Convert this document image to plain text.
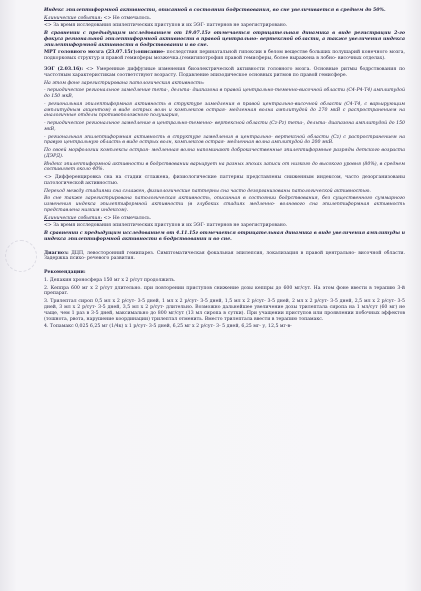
Индекс эпилептиформной активности, описанной в состоянии бодрствования, во сне увеличивается в среднем до 50%.

Клинические события: <> Не отмечалось.

<> За время исследования эпилептических приступов и их ЭЭГ- паттернов не зарегистрировано.

В сравнении с предыдущим исследованием от 19.07.15г отмечается отрицательная динамика в виде регистрации 2-го фокуса региональной эпилептиформной активности в правой центрально- вертексной области, а также увеличения индекса эпилептиформной активности в бодрствовании и во сне.

МРТ головного мозга (23.07.15г):описание- последствия перинатальной гипоксии в белом веществе больших полушарий конечного мозга, подкорковых структур и правой гемисферы мозжечка.(гемигипотрофия правой гемисферы, более выражена в лобно- височных отделах).

ЭЭГ (2.03.16): <> Умеренные диффузные изменения биоэлектрической активности головного мозга. Основные ритмы бодрствования по частотным характеристикам соответствуют возрасту. Подавление эпизодическое основных ритмов по правой гемисфере.

На этом фоне зарегистрирована патологическая активность:

- периодическое региональное замедление тета-, дельта- диапазона в правой центрально-теменно-височной области (С4-Р4-Т4) амплитудой до 150 мкВ,

- региональная эпилептиформная активность в структуре замедления в правой центрально-височной области (С4-Т4, с варьирующим амплитудным акцентом) в виде острых волн и комплексов острая- медленная волна амплитудой до 270 мкВ с распространением на аналогичные отделы противоположного полушария,

- периодическое региональное замедление в центрально-теменно- вертексной области (Cz-Pz) тета-, дельта- диапазона амплитудой до 150 мкВ,

- региональная эпилептиформная активность в структуре замедления в центрально- вертексной области (Cz) с распространением на правую центральную область в виде острых волн, комплексов острая- медленная волна амплитудой до 200 мкВ.

По своей морфологии комплексы острая- медленная волна напоминают доброкачественные эпилептиформные разряды детского возраста (ДЭРД).

Индекс эпилептиформной активности в бодрствовании варьирует на разных эпохах записи от низкого до высокого уровня (80%), в среднем составляет около 40%.

<> Дифференцировка сна на стадии сглажена, физиологические паттерны представлены сниженным индексом, часто дезорганизованы патологической активностью.

Переход между стадиями сна сглажен, физиологические паттерны сна часто дезорганизованы патологической активностью.

Во сне также зарегистрирована патологическая активность, описанная в состоянии бодрствования, без существенного суммарного изменения индекса эпилептиформной активности (в глубоких стадиях медленно- волнового сна эпилептиформная активность представлена низким индексом).

Клинические события: <> Не отмечалось.

<> За время исследования эпилептических приступов и их ЭЭГ- паттернов не зарегистрировано.

В сравнении с предыдущим исследованием от 4.11.15г отмечается отрицательная динамика в виде увеличения амплитуды и индекса эпилептиформной активности в бодрствовании и во сне.

Диагноз: ДЦП, левосторонний гемипарез. Симптоматическая фокальная эпилепсия, локализация в правой центрально- височной области. Задержка психо- речевого развития.

Рекомендации:

1. Депакин хроносфера 150 мг х 2 р/сут продолжить.

2. Кеппра 600 мг х 2 р/сут длительно. при повторении приступов снижение дозы кеппры до 600 мг/сут. На этом фоне ввести в терапию 3-й препарат.

3. Трилептал сироп 0,5 мл х 2 р/сут- 3-5 дней, 1 мл х 2 р/сут- 3-5 дней, 1,5 мл х 2 р/сут- 3-5 дней, 2 мл х 2 р/сут- 3-5 дней, 2,5 мл х 2 р/сут- 3-5 дней, 3 мл х 2 р/сут- 3-5 дней, 3,5 мл х 2 р/сут- длительно. Возможно дальнейшее увеличение дозы трилептала сиропа на 1 мл/сут (60 мг) не чаще, чем 1 раз в 3-5 дней, максимально до 800 мг/сут (13 мл сиропа в сутки). При учащении приступов или проявлении побочных эффектов (тошнота, рвота, нарушение координации) трилептал отменить. Вместо трилептала ввести в терапию топамакс.

4. Топамакс 0,025 6,25 мг (1/4к) х 1 р/сут- 3-5 дней, 6,25 мг х 2 р/сут- 3- 5 дней, 6,25 мг- у, 12,5 мг-в-
